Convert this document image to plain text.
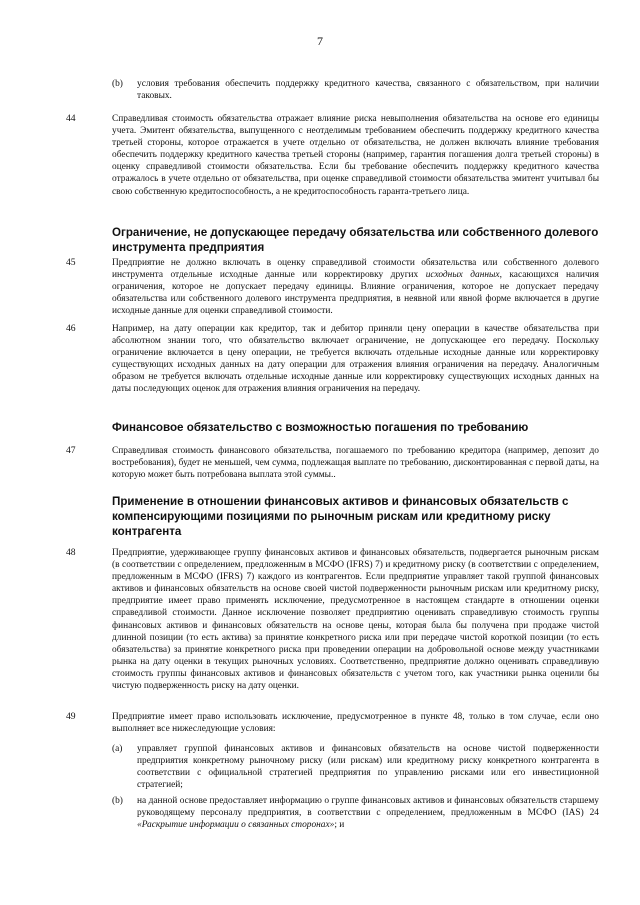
7
(b) условия требования обеспечить поддержку кредитного качества, связанного с обязательством, при наличии таковых.
44	Справедливая стоимость обязательства отражает влияние риска невыполнения обязательства на основе его единицы учета. Эмитент обязательства, выпущенного с неотделимым требованием обеспечить поддержку кредитного качества третьей стороны, которое отражается в учете отдельно от обязательства, не должен включать влияние требования обеспечить поддержку кредитного качества третьей стороны (например, гарантия погашения долга третьей стороны) в оценку справедливой стоимости обязательства. Если бы требование обеспечить поддержку кредитного качества отражалось в учете отдельно от обязательства, при оценке справедливой стоимости обязательства эмитент учитывал бы свою собственную кредитоспособность, а не кредитоспособность гаранта-третьего лица.
Ограничение, не допускающее передачу обязательства или собственного долевого инструмента предприятия
45	Предприятие не должно включать в оценку справедливой стоимости обязательства или собственного долевого инструмента отдельные исходные данные или корректировку других исходных данных, касающихся наличия ограничения, которое не допускает передачу единицы. Влияние ограничения, которое не допускает передачу обязательства или собственного долевого инструмента предприятия, в неявной или явной форме включается в другие исходные данные для оценки справедливой стоимости.
46	Например, на дату операции как кредитор, так и дебитор приняли цену операции в качестве обязательства при абсолютном знании того, что обязательство включает ограничение, не допускающее его передачу. Поскольку ограничение включается в цену операции, не требуется включать отдельные исходные данные или корректировку существующих исходных данных на дату операции для отражения влияния ограничения на передачу. Аналогичным образом не требуется включать отдельные исходные данные или корректировку существующих исходных данных на даты последующих оценок для отражения влияния ограничения на передачу.
Финансовое обязательство с возможностью погашения по требованию
47	Справедливая стоимость финансового обязательства, погашаемого по требованию кредитора (например, депозит до востребования), будет не меньшей, чем сумма, подлежащая выплате по требованию, дисконтированная с первой даты, на которую может быть потребована выплата этой суммы..
Применение в отношении финансовых активов и финансовых обязательств с компенсирующими позициями по рыночным рискам или кредитному риску контрагента
48	Предприятие, удерживающее группу финансовых активов и финансовых обязательств, подвергается рыночным рискам (в соответствии с определением, предложенным в МСФО (IFRS) 7) и кредитному риску (в соответствии с определением, предложенным в МСФО (IFRS) 7) каждого из контрагентов. Если предприятие управляет такой группой финансовых активов и финансовых обязательств на основе своей чистой подверженности рыночным рискам или кредитному риску, предприятие имеет право применять исключение, предусмотренное в настоящем стандарте в отношении оценки справедливой стоимости. Данное исключение позволяет предприятию оценивать справедливую стоимость группы финансовых активов и финансовых обязательств на основе цены, которая была бы получена при продаже чистой длинной позиции (то есть актива) за принятие конкретного риска или при передаче чистой короткой позиции (то есть обязательства) за принятие конкретного риска при проведении операции на добровольной основе между участниками рынка на дату оценки в текущих рыночных условиях. Соответственно, предприятие должно оценивать справедливую стоимость группы финансовых активов и финансовых обязательств с учетом того, как участники рынка оценили бы чистую подверженность риску на дату оценки.
49	Предприятие имеет право использовать исключение, предусмотренное в пункте 48, только в том случае, если оно выполняет все нижеследующие условия:
(a) управляет группой финансовых активов и финансовых обязательств на основе чистой подверженности предприятия конкретному рыночному риску (или рискам) или кредитному риску конкретного контрагента в соответствии с официальной стратегией предприятия по управлению рисками или его инвестиционной стратегией;
(b) на данной основе предоставляет информацию о группе финансовых активов и финансовых обязательств старшему руководящему персоналу предприятия, в соответствии с определением, предложенным в МСФО (IAS) 24 «Раскрытие информации о связанных сторонах»; и
